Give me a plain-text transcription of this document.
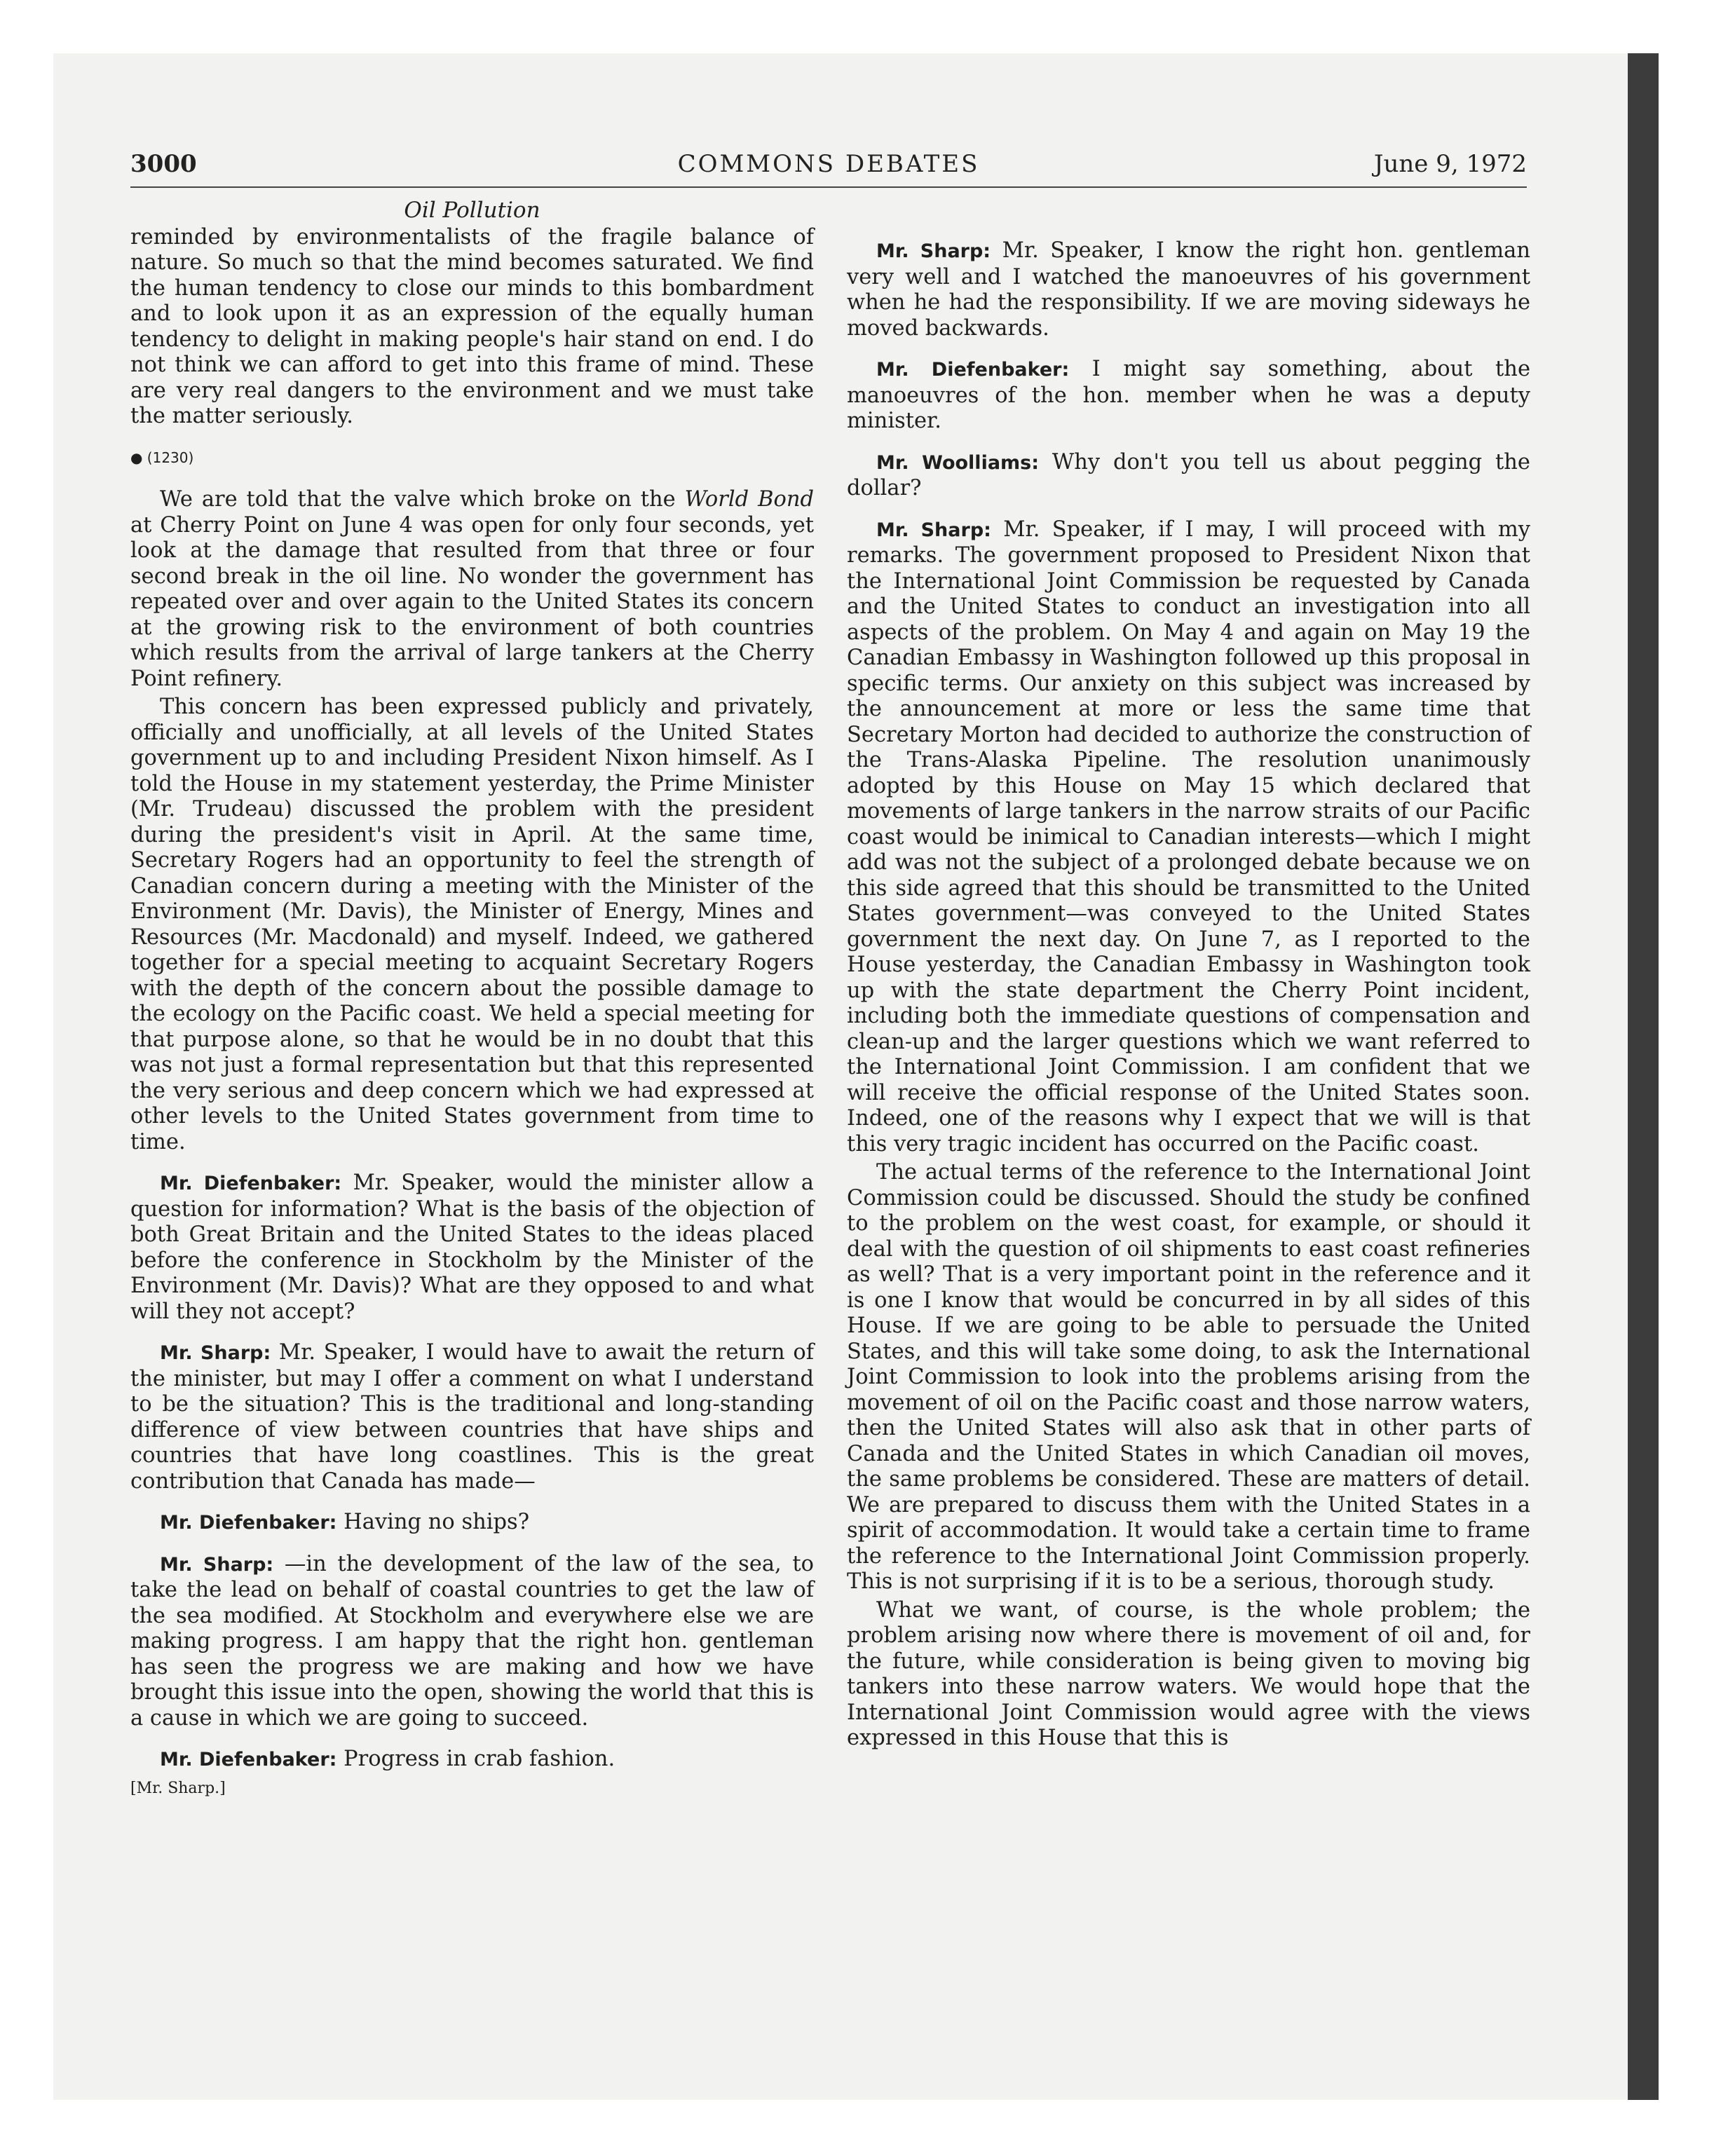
3000	COMMONS DEBATES	June 9, 1972
Oil Pollution

reminded by environmentalists of the fragile balance of nature. So much so that the mind becomes saturated. We find the human tendency to close our minds to this bombardment and to look upon it as an expression of the equally human tendency to delight in making people's hair stand on end. I do not think we can afford to get into this frame of mind. These are very real dangers to the environment and we must take the matter seriously.

● (1230)

We are told that the valve which broke on the World Bond at Cherry Point on June 4 was open for only four seconds, yet look at the damage that resulted from that three or four second break in the oil line. No wonder the government has repeated over and over again to the United States its concern at the growing risk to the environment of both countries which results from the arrival of large tankers at the Cherry Point refinery.

This concern has been expressed publicly and privately, officially and unofficially, at all levels of the United States government up to and including President Nixon himself. As I told the House in my statement yesterday, the Prime Minister (Mr. Trudeau) discussed the problem with the president during the president's visit in April. At the same time, Secretary Rogers had an opportunity to feel the strength of Canadian concern during a meeting with the Minister of the Environment (Mr. Davis), the Minister of Energy, Mines and Resources (Mr. Macdonald) and myself. Indeed, we gathered together for a special meeting to acquaint Secretary Rogers with the depth of the concern about the possible damage to the ecology on the Pacific coast. We held a special meeting for that purpose alone, so that he would be in no doubt that this was not just a formal representation but that this represented the very serious and deep concern which we had expressed at other levels to the United States government from time to time.

Mr. Diefenbaker: Mr. Speaker, would the minister allow a question for information? What is the basis of the objection of both Great Britain and the United States to the ideas placed before the conference in Stockholm by the Minister of the Environment (Mr. Davis)? What are they opposed to and what will they not accept?

Mr. Sharp: Mr. Speaker, I would have to await the return of the minister, but may I offer a comment on what I understand to be the situation? This is the traditional and long-standing difference of view between countries that have ships and countries that have long coastlines. This is the great contribution that Canada has made—

Mr. Diefenbaker: Having no ships?

Mr. Sharp: —in the development of the law of the sea, to take the lead on behalf of coastal countries to get the law of the sea modified. At Stockholm and everywhere else we are making progress. I am happy that the right hon. gentleman has seen the progress we are making and how we have brought this issue into the open, showing the world that this is a cause in which we are going to succeed.

Mr. Diefenbaker: Progress in crab fashion.

[Mr. Sharp.]

Mr. Sharp: Mr. Speaker, I know the right hon. gentleman very well and I watched the manoeuvres of his government when he had the responsibility. If we are moving sideways he moved backwards.

Mr. Diefenbaker: I might say something, about the manoeuvres of the hon. member when he was a deputy minister.

Mr. Woolliams: Why don't you tell us about pegging the dollar?

Mr. Sharp: Mr. Speaker, if I may, I will proceed with my remarks. The government proposed to President Nixon that the International Joint Commission be requested by Canada and the United States to conduct an investigation into all aspects of the problem. On May 4 and again on May 19 the Canadian Embassy in Washington followed up this proposal in specific terms. Our anxiety on this subject was increased by the announcement at more or less the same time that Secretary Morton had decided to authorize the construction of the Trans-Alaska Pipeline. The resolution unanimously adopted by this House on May 15 which declared that movements of large tankers in the narrow straits of our Pacific coast would be inimical to Canadian interests—which I might add was not the subject of a prolonged debate because we on this side agreed that this should be transmitted to the United States government—was conveyed to the United States government the next day. On June 7, as I reported to the House yesterday, the Canadian Embassy in Washington took up with the state department the Cherry Point incident, including both the immediate questions of compensation and clean-up and the larger questions which we want referred to the International Joint Commission. I am confident that we will receive the official response of the United States soon. Indeed, one of the reasons why I expect that we will is that this very tragic incident has occurred on the Pacific coast.

The actual terms of the reference to the International Joint Commission could be discussed. Should the study be confined to the problem on the west coast, for example, or should it deal with the question of oil shipments to east coast refineries as well? That is a very important point in the reference and it is one I know that would be concurred in by all sides of this House. If we are going to be able to persuade the United States, and this will take some doing, to ask the International Joint Commission to look into the problems arising from the movement of oil on the Pacific coast and those narrow waters, then the United States will also ask that in other parts of Canada and the United States in which Canadian oil moves, the same problems be considered. These are matters of detail. We are prepared to discuss them with the United States in a spirit of accommodation. It would take a certain time to frame the reference to the International Joint Commission properly. This is not surprising if it is to be a serious, thorough study.

What we want, of course, is the whole problem; the problem arising now where there is movement of oil and, for the future, while consideration is being given to moving big tankers into these narrow waters. We would hope that the International Joint Commission would agree with the views expressed in this House that this is
